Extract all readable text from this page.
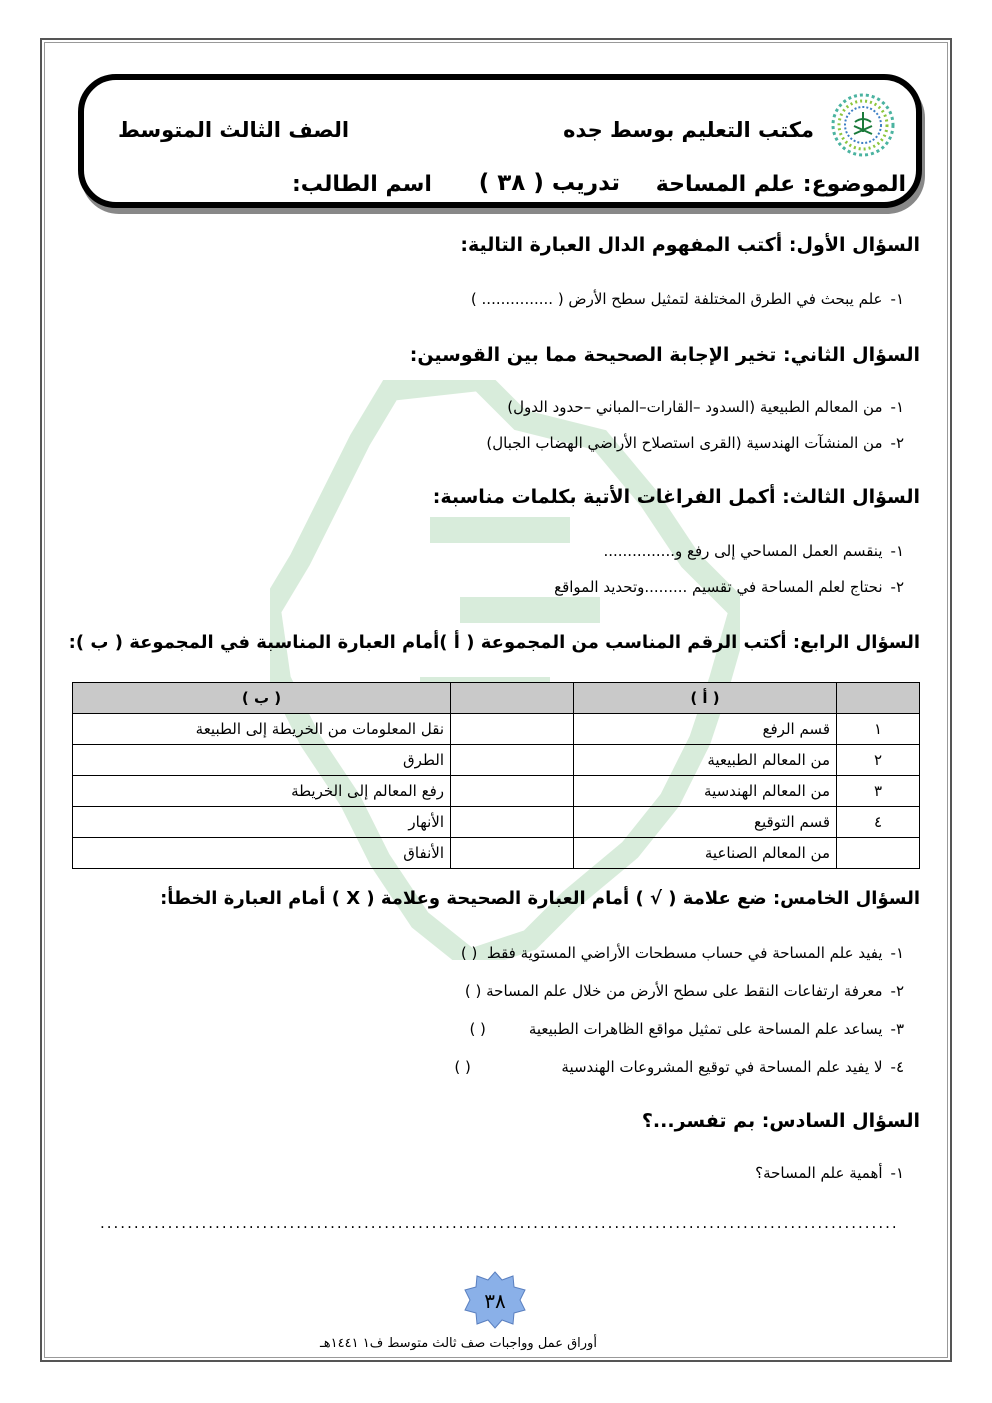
مكتب التعليم بوسط جده
الصف الثالث المتوسط
الموضوع: علم المساحة
تدريب ( ٣٨ )
اسم الطالب:
السؤال الأول: أكتب المفهوم الدال العبارة التالية:
١-علم يبحث في الطرق المختلفة لتمثيل سطح الأرض ( ............... )
السؤال الثاني: تخير الإجابة الصحيحة مما بين القوسين:
١-من المعالم الطبيعية (السدود –القارات–المباني –حدود الدول)
٢-من المنشآت الهندسية (القرى استصلاح الأراضي الهضاب الجبال)
السؤال الثالث: أكمل الفراغات الأتية بكلمات مناسبة:
١-ينقسم العمل المساحي إلى رفع و...............
٢-نحتاج لعلم المساحة في تقسيم .........وتحديد المواقع
السؤال الرابع: أكتب الرقم المناسب من المجموعة ( أ )أمام العبارة المناسبة في المجموعة ( ب ):
	( أ )		( ب )
١	قسم الرفع		نقل المعلومات من الخريطة إلى الطبيعة
٢	من المعالم الطبيعية		الطرق
٣	من المعالم الهندسية		رفع المعالم إلى الخريطة
٤	قسم التوقيع		الأنهار
	من المعالم الصناعية		الأنفاق
السؤال الخامس: ضع علامة ( √ ) أمام العبارة الصحيحة وعلامة ( X ) أمام العبارة الخطأ:
١-يفيد علم المساحة في حساب مسطحات الأراضي المستوية فقط  ( )
٢-معرفة ارتفاعات النقط على سطح الأرض من خلال علم المساحة ( )
٣-يساعد علم المساحة على تمثيل مواقع الظاهرات الطبيعية         ( )
٤-لا يفيد علم المساحة في توقيع المشروعات الهندسية                   ( )
السؤال السادس: بم تفسر...؟
١-أهمية علم المساحة؟
......................................................................................................................
٣٨
أوراق عمل وواجبات صف ثالث متوسط ف١ ١٤٤١هـ
